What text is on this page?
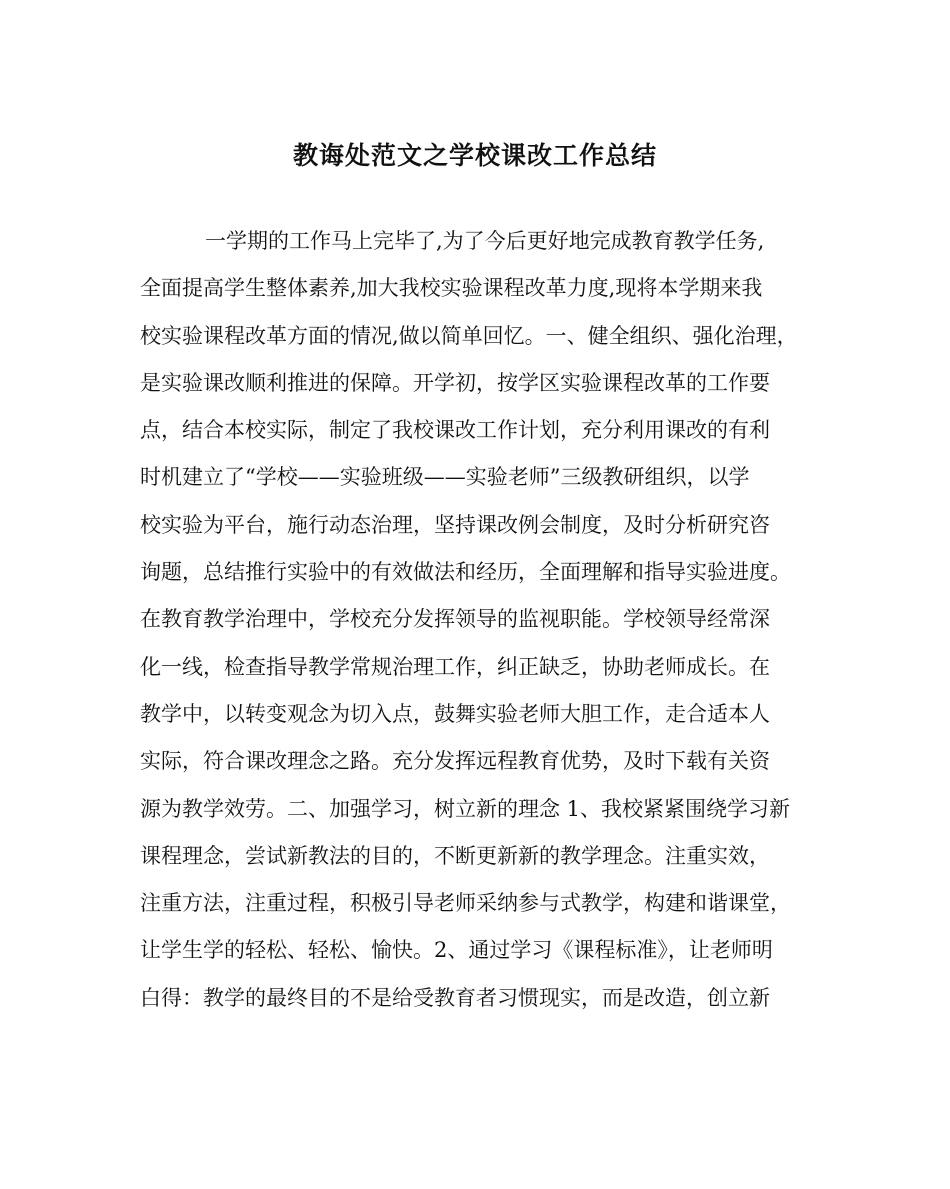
教诲处范文之学校课改工作总结
一学期的工作马上完毕了,为了今后更好地完成教育教学任务,
全面提高学生整体素养,加大我校实验课程改革力度,现将本学期来我
校实验课程改革方面的情况,做以简单回忆。一、健全组织、强化治理，
是实验课改顺利推进的保障。开学初，按学区实验课程改革的工作要
点，结合本校实际，制定了我校课改工作计划，充分利用课改的有利
时机建立了“学校——实验班级——实验老师”三级教研组织，以学
校实验为平台，施行动态治理，坚持课改例会制度，及时分析研究咨
询题，总结推行实验中的有效做法和经历，全面理解和指导实验进度。
在教育教学治理中，学校充分发挥领导的监视职能。学校领导经常深
化一线，检查指导教学常规治理工作，纠正缺乏，协助老师成长。在
教学中，以转变观念为切入点，鼓舞实验老师大胆工作，走合适本人
实际，符合课改理念之路。充分发挥远程教育优势，及时下载有关资
源为教学效劳。二、加强学习，树立新的理念 1、我校紧紧围绕学习新
课程理念，尝试新教法的目的，不断更新新的教学理念。注重实效，
注重方法，注重过程，积极引导老师采纳参与式教学，构建和谐课堂，
让学生学的轻松、轻松、愉快。2、通过学习《课程标准》，让老师明
白得：教学的最终目的不是给受教育者习惯现实，而是改造，创立新
